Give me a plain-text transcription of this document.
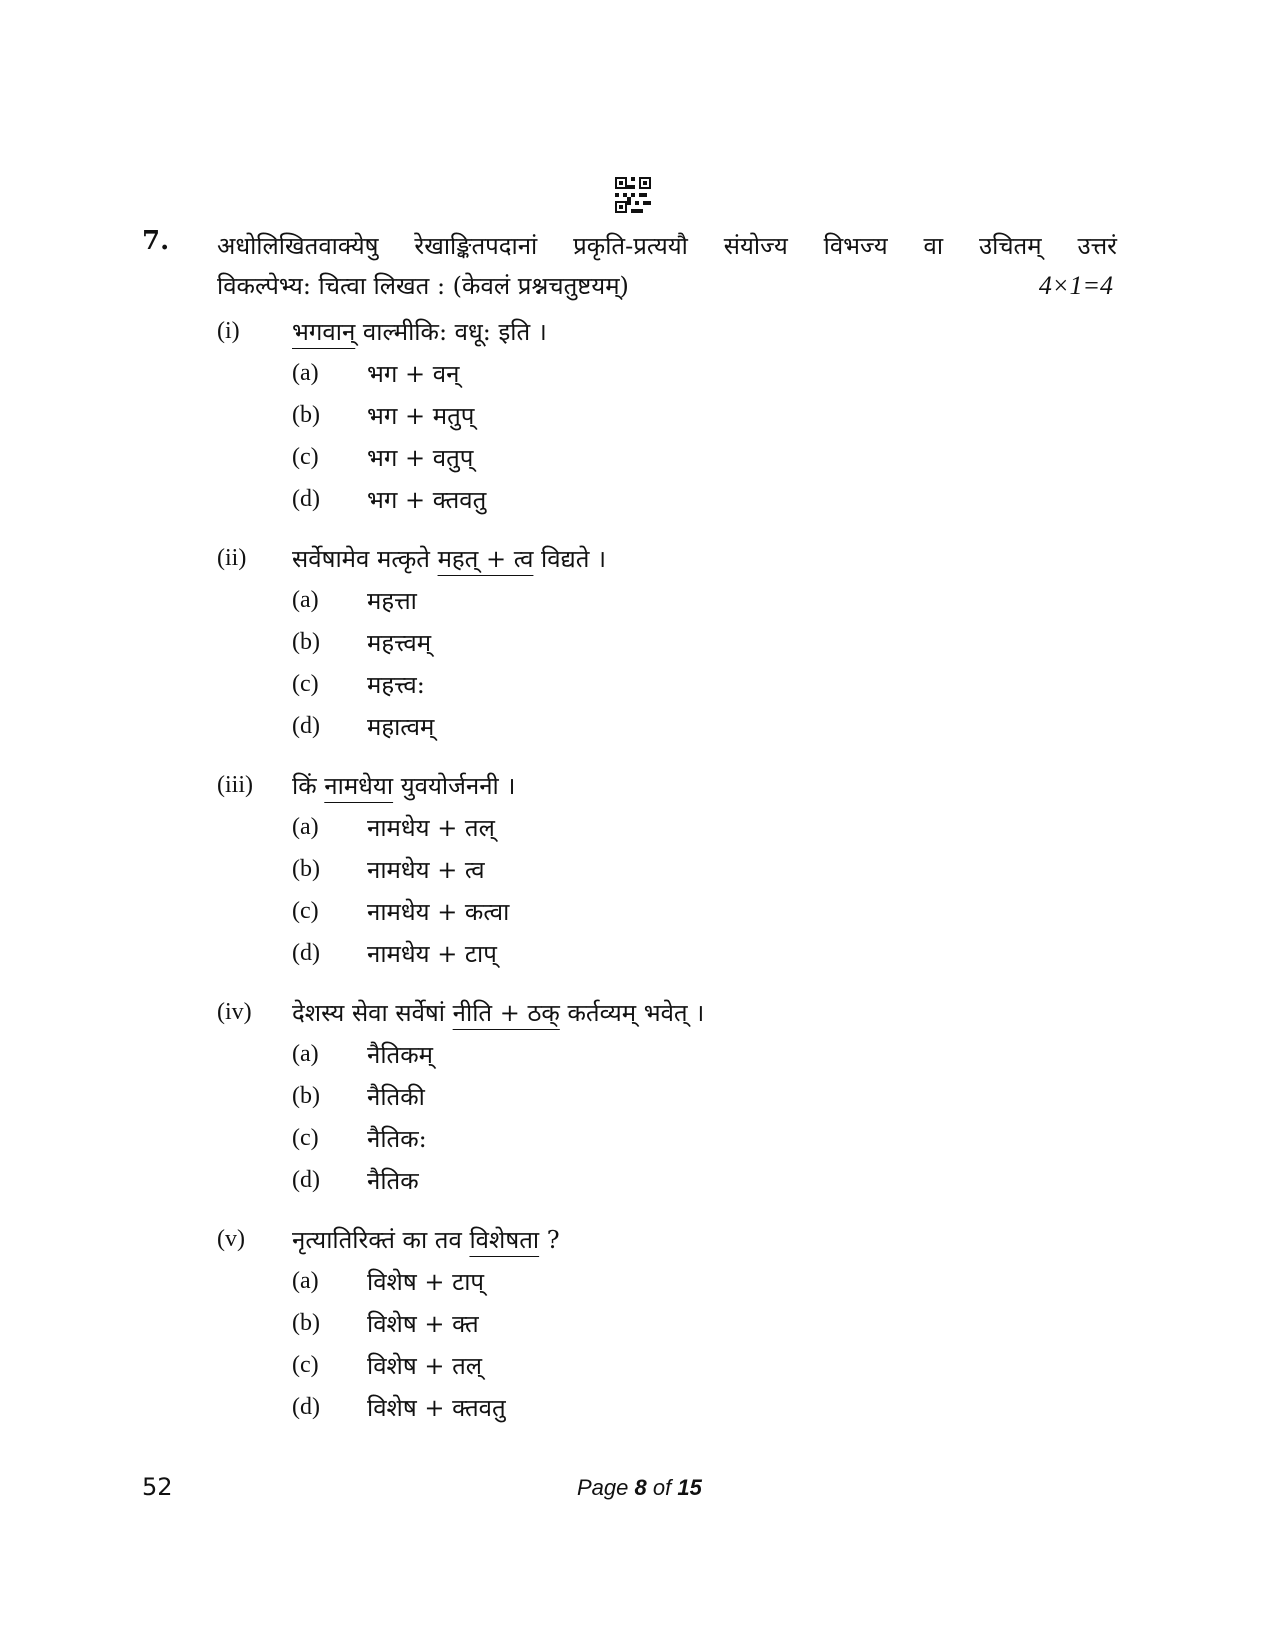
7. अधोलिखितवाक्येषु रेखाङ्कितपदानां प्रकृति-प्रत्ययौ संयोज्य विभज्य वा उचितम् उत्तरं
विकल्पेभ्य: चित्वा लिखत : (केवलं प्रश्नचतुष्टयम्)	4×1=4
(i)	भगवान् वाल्मीकि: वधू: इति ।
(a)	भग + वन्
(b)	भग + मतुप्
(c)	भग + वतुप्
(d)	भग + क्तवतु
(ii)	सर्वेषामेव मत्कृते महत् + त्व विद्यते ।
(a)	महत्ता
(b)	महत्त्वम्
(c)	महत्त्व:
(d)	महात्वम्
(iii)	किं नामधेया युवयोर्जननी ।
(a)	नामधेय + तल्
(b)	नामधेय + त्व
(c)	नामधेय + कत्वा
(d)	नामधेय + टाप्
(iv)	देशस्य सेवा सर्वेषां नीति + ठक् कर्तव्यम् भवेत् ।
(a)	नैतिकम्
(b)	नैतिकी
(c)	नैतिक:
(d)	नैतिक
(v)	नृत्यातिरिक्तं का तव विशेषता ?
(a)	विशेष + टाप्
(b)	विशेष + क्त
(c)	विशेष + तल्
(d)	विशेष + क्तवतु
52	Page 8 of 15
